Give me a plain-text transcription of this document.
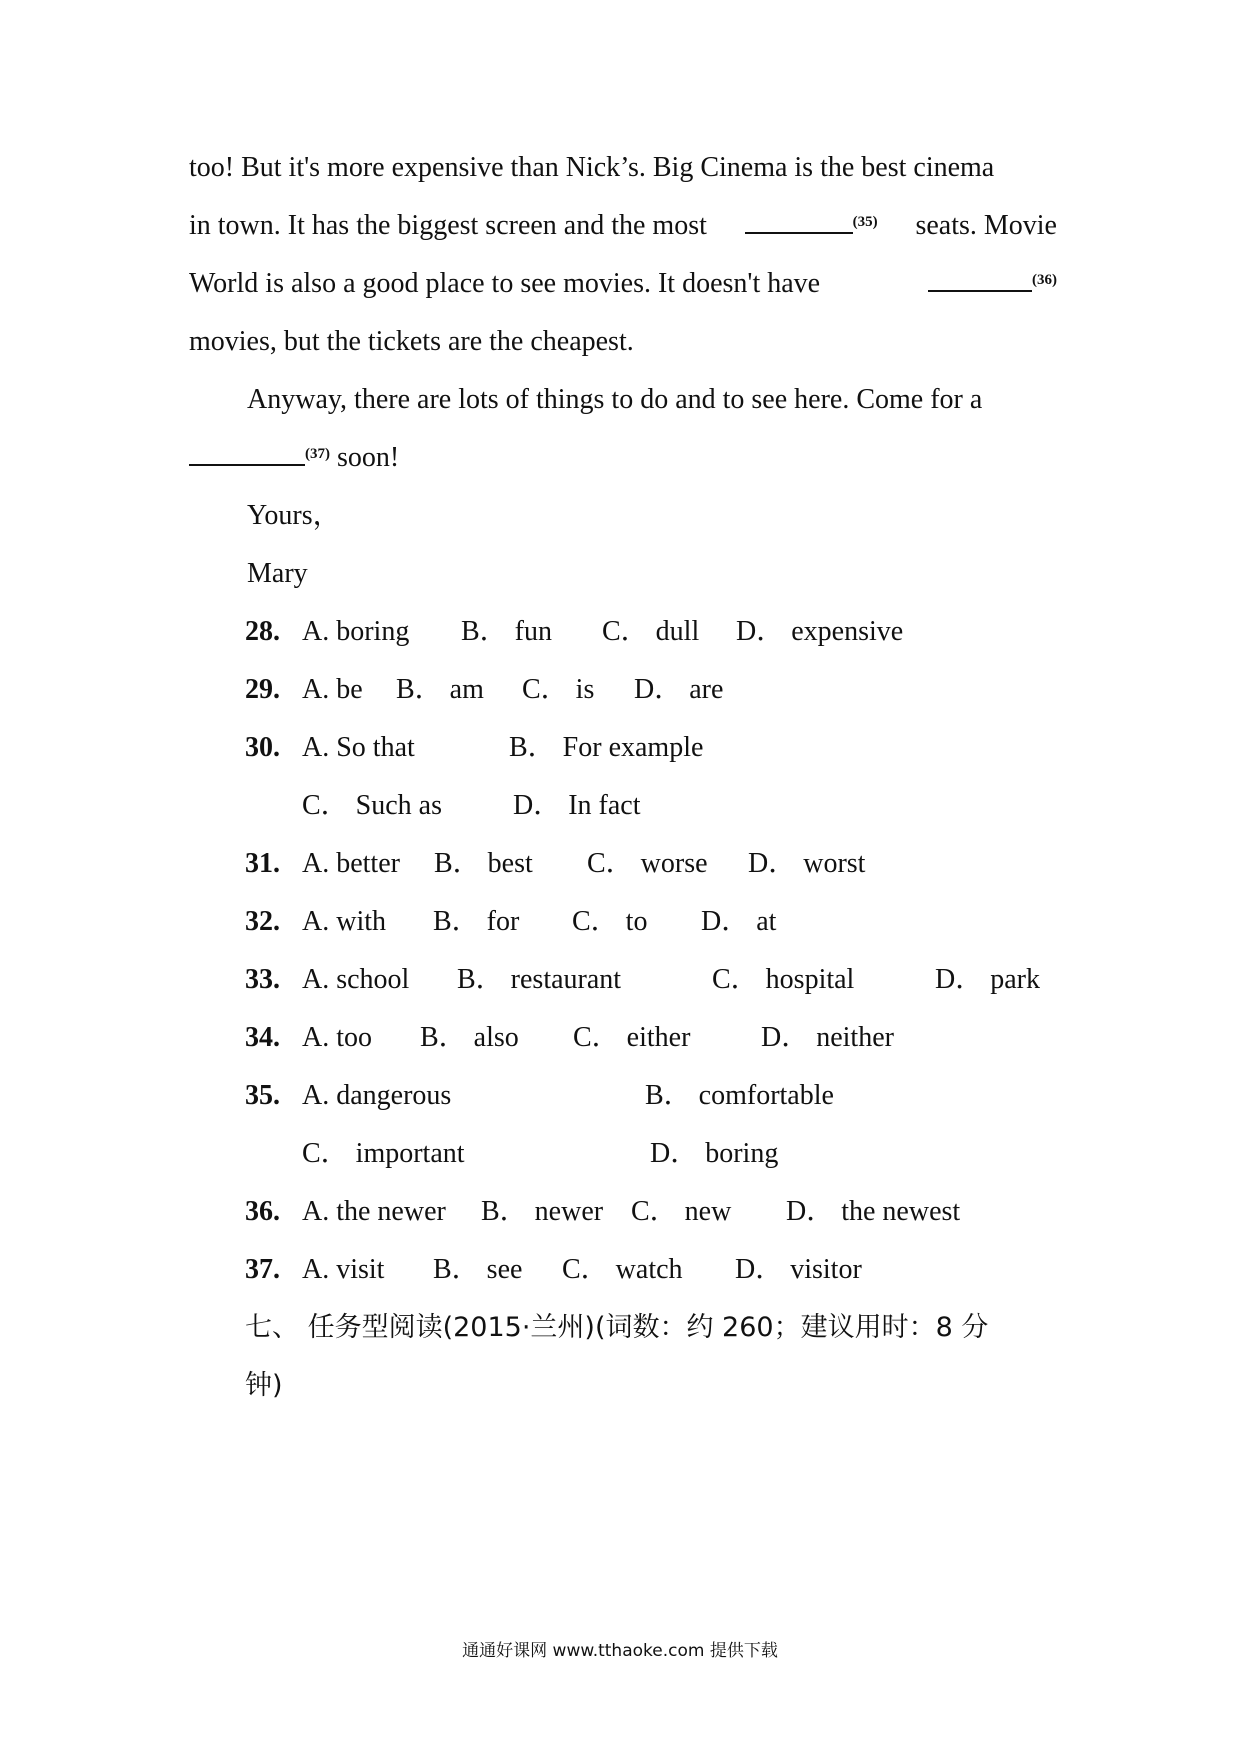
too! But it's more expensive than Nick’s. Big Cinema is the best cinema
in town. It has the biggest screen and the most	$^{(35)}$ seats. Movie
World is also a good place to see movies. It doesn't have	$^{(36)}$
movies, but the tickets are the cheapest.
Anyway, there are lots of things to do and to see here. Come for a
$^{(37)}$ soon!
Yours，
Mary
28. A. boring B． fun C． dull D． expensive
29. A. be B． am C． is D． are
30. A. So that	B． For example
C． Such as	D． In fact
31. A. better B． best C． worse D． worst
32. A. with B． for C． to D． at
33. A. school B． restaurant	C． hospital	D． park
34. A. too B． also C． either	D． neither
35. A. dangerous	B． comfortable
C． important	D． boring
36. A. the newer B． newer C． new D． the newest
37. A. visit B． see C． watch D． visitor
七、 任务型阅读(2015·兰州)(词数：约 260；建议用时：8 分
钟)
通通好课网 www.tthaoke.com 提供下载
